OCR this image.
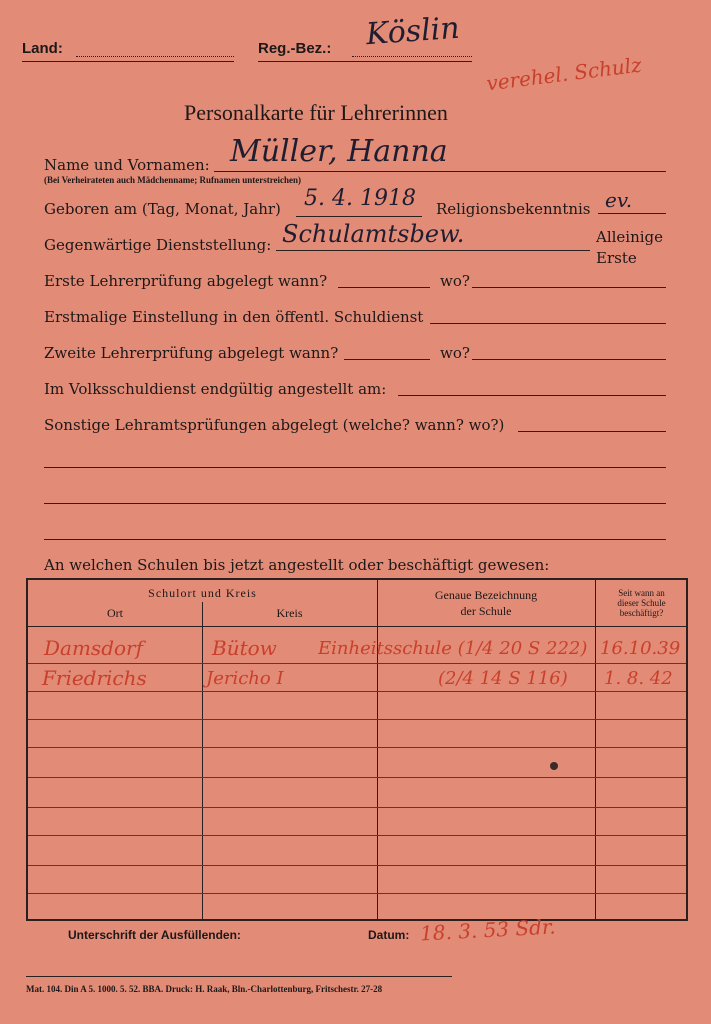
Land:	Reg.-Bez.: Köslin
verehel. Schulz
Personalkarte für Lehrerinnen
Name und Vornamen: Müller, Hanna
(Bei Verheirateten auch Mädchenname; Rufnamen unterstreichen)
Geboren am (Tag, Monat, Jahr) 5. 4. 1918 Religionsbekenntnis ev.
Gegenwärtige Dienststellung: Schulamtsbew.	Alleinige
Erste
Erste Lehrerprüfung abgelegt wann?	wo?
Erstmalige Einstellung in den öffentl. Schuldienst
Zweite Lehrerprüfung abgelegt wann?	wo?
Im Volksschuldienst endgültig angestellt am:
Sonstige Lehramtsprüfungen abgelegt (welche? wann? wo?)
An welchen Schulen bis jetzt angestellt oder beschäftigt gewesen:
Schulort und Kreis
Ort	Kreis
Genaue Bezeichnung
der Schule
Seit wann an
dieser Schule
beschäftigt?
Damsdorf	Bütow Einheitsschule (1/4 20 S 222) 16.10.39
Friedrichs	Jericho I	(2/4 14 S 116) 1. 8. 42
Unterschrift der Ausfüllenden:	Datum: 18. 3. 53 Sdr.
Mat. 104. Din A 5. 1000. 5. 52. BBA. Druck: H. Raak, Bln.-Charlottenburg, Fritschestr. 27-28
